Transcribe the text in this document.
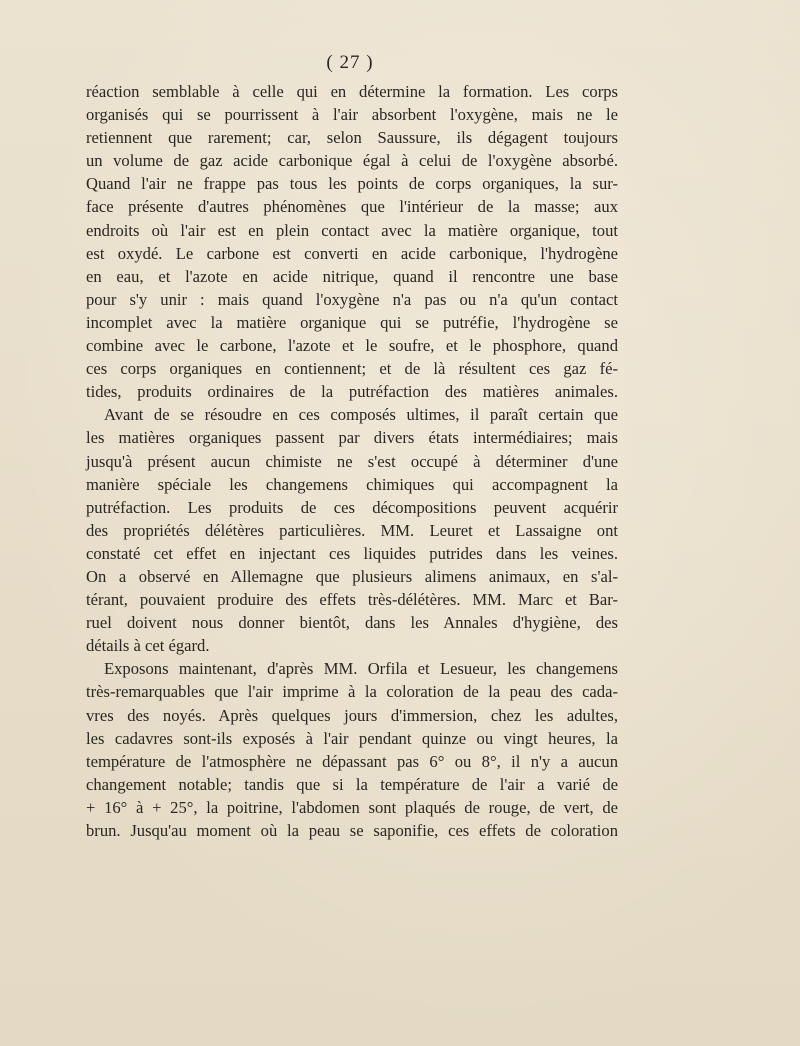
( 27 )
réaction semblable à celle qui en détermine la formation. Les corps
organisés qui se pourrissent à l'air absorbent l'oxygène, mais ne le
retiennent que rarement; car, selon Saussure, ils dégagent toujours
un volume de gaz acide carbonique égal à celui de l'oxygène absorbé.
Quand l'air ne frappe pas tous les points de corps organiques, la sur-
face présente d'autres phénomènes que l'intérieur de la masse; aux
endroits où l'air est en plein contact avec la matière organique, tout
est oxydé. Le carbone est converti en acide carbonique, l'hydrogène
en eau, et l'azote en acide nitrique, quand il rencontre une base
pour s'y unir : mais quand l'oxygène n'a pas ou n'a qu'un contact
incomplet avec la matière organique qui se putréfie, l'hydrogène se
combine avec le carbone, l'azote et le soufre, et le phosphore, quand
ces corps organiques en contiennent; et de là résultent ces gaz fé-
tides, produits ordinaires de la putréfaction des matières animales.
Avant de se résoudre en ces composés ultimes, il paraît certain que
les matières organiques passent par divers états intermédiaires; mais
jusqu'à présent aucun chimiste ne s'est occupé à déterminer d'une
manière spéciale les changemens chimiques qui accompagnent la
putréfaction. Les produits de ces décompositions peuvent acquérir
des propriétés délétères particulières. MM. Leuret et Lassaigne ont
constaté cet effet en injectant ces liquides putrides dans les veines.
On a observé en Allemagne que plusieurs alimens animaux, en s'al-
térant, pouvaient produire des effets très-délétères. MM. Marc et Bar-
ruel doivent nous donner bientôt, dans les Annales d'hygiène, des
détails à cet égard.
Exposons maintenant, d'après MM. Orfila et Lesueur, les changemens
très-remarquables que l'air imprime à la coloration de la peau des cada-
vres des noyés. Après quelques jours d'immersion, chez les adultes,
les cadavres sont-ils exposés à l'air pendant quinze ou vingt heures, la
température de l'atmosphère ne dépassant pas 6° ou 8°, il n'y a aucun
changement notable; tandis que si la température de l'air a varié de
+ 16° à + 25°, la poitrine, l'abdomen sont plaqués de rouge, de vert, de
brun. Jusqu'au moment où la peau se saponifie, ces effets de coloration
